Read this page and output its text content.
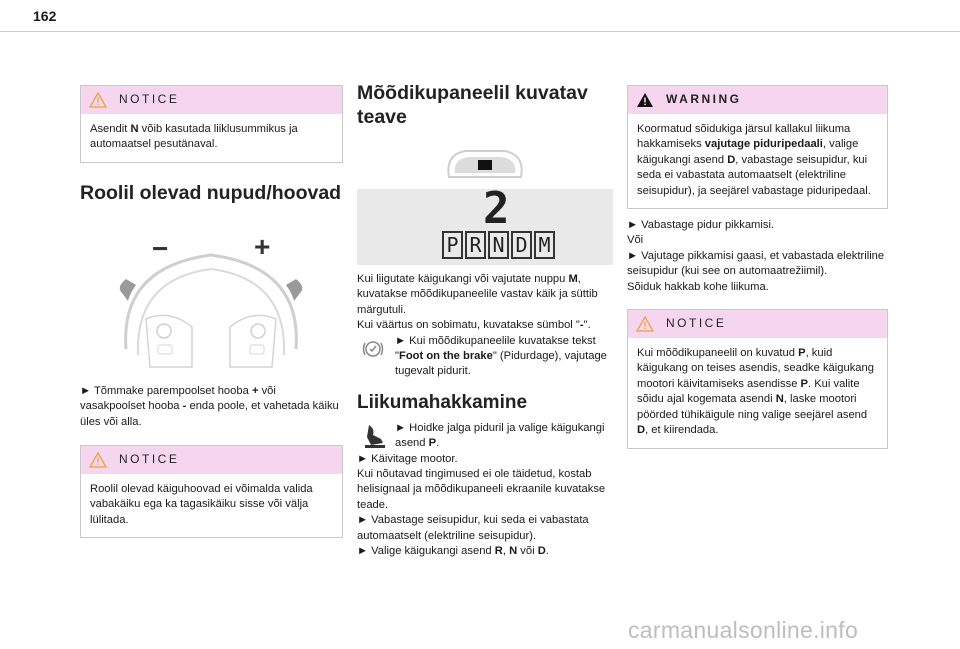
162
NOTICE

Asendit N võib kasutada liiklusummikus ja automaatsel pesutänaval.

Roolil olevad nupud/hoovad
−	+

► Tõmmake parempoolset hooba + või vasakpoolset hooba - enda poole, et vahetada käiku üles või alla.

NOTICE

Roolil olevad käiguhoovad ei võimalda valida vabakäiku ega ka tagasikäiku sisse või välja lülitada.

Mõõdikupaneelil kuvatav teave
2
P R N D M

Kui liigutate käigukangi või vajutate nuppu M, kuvatakse mõõdikupaneelile vastav käik ja süttib märgutuli.

Kui väärtus on sobimatu, kuvatakse sümbol "-".

► Kui mõõdikupaneelile kuvatakse tekst "Foot on the brake" (Pidurdage), vajutage tugevalt pidurit.

Liikumahakkamine

► Hoidke jalga piduril ja valige käigukangi asend P.

► Käivitage mootor.

Kui nõutavad tingimused ei ole täidetud, kostab helisignaal ja mõõdikupaneeli ekraanile kuvatakse teade.

► Vabastage seisupidur, kui seda ei vabastata automaatselt (elektriline seisupidur).

► Valige käigukangi asend R, N või D.

WARNING

Koormatud sõidukiga järsul kallakul liikuma hakkamiseks vajutage piduripedaali, valige käigukangi asend D, vabastage seisupidur, kui seda ei vabastata automaatselt (elektriline seisupidur), ja seejärel vabastage piduripedaal.

► Vabastage pidur pikkamisi.

Või

► Vajutage pikkamisi gaasi, et vabastada elektriline seisupidur (kui see on automaatrežiimil).

Sõiduk hakkab kohe liikuma.

NOTICE

Kui mõõdikupaneelil on kuvatud P, kuid käigukang on teises asendis, seadke käigukang mootori käivitamiseks asendisse P. Kui valite sõidu ajal kogemata asendi N, laske mootori pöörded tühikäigule ning valige seejärel asend D, et kiirendada.

carmanualsonline.info
